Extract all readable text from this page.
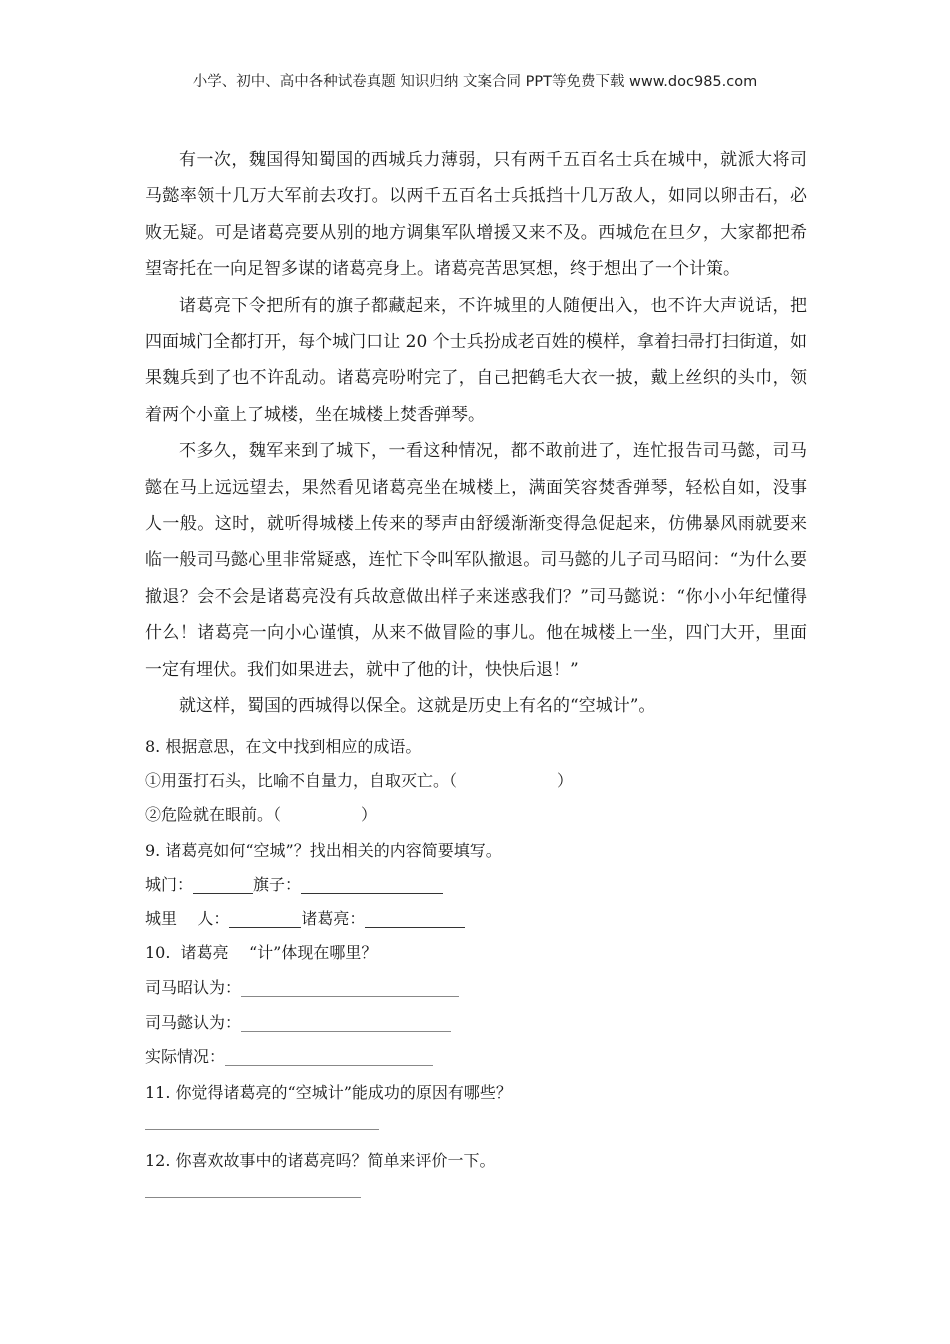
小学、初中、高中各种试卷真题 知识归纳 文案合同 PPT等免费下载 www.doc985.com

有一次，魏国得知蜀国的西城兵力薄弱，只有两千五百名士兵在城中，就派大将司马懿率领十几万大军前去攻打。以两千五百名士兵抵挡十几万敌人，如同以卵击石，必败无疑。可是诸葛亮要从别的地方调集军队增援又来不及。西城危在旦夕，大家都把希望寄托在一向足智多谋的诸葛亮身上。诸葛亮苦思冥想，终于想出了一个计策。

诸葛亮下令把所有的旗子都藏起来，不许城里的人随便出入，也不许大声说话，把四面城门全都打开，每个城门口让 20 个士兵扮成老百姓的模样，拿着扫帚打扫街道，如果魏兵到了也不许乱动。诸葛亮吩咐完了，自己把鹤毛大衣一披，戴上丝织的头巾，领着两个小童上了城楼，坐在城楼上焚香弹琴。

不多久，魏军来到了城下，一看这种情况，都不敢前进了，连忙报告司马懿，司马懿在马上远远望去，果然看见诸葛亮坐在城楼上，满面笑容焚香弹琴，轻松自如，没事人一般。这时，就听得城楼上传来的琴声由舒缓渐渐变得急促起来，仿佛暴风雨就要来临一般司马懿心里非常疑惑，连忙下令叫军队撤退。司马懿的儿子司马昭问：“为什么要撤退？会不会是诸葛亮没有兵故意做出样子来迷惑我们？”司马懿说：“你小小年纪懂得什么！诸葛亮一向小心谨慎，从来不做冒险的事儿。他在城楼上一坐，四门大开，里面一定有埋伏。我们如果进去，就中了他的计，快快后退！”

就这样，蜀国的西城得以保全。这就是历史上有名的“空城计”。

8. 根据意思，在文中找到相应的成语。
①用蛋打石头，比喻不自量力，自取灭亡。（	）
②危险就在眼前。（	）
9. 诸葛亮如何“空城”？找出相关的内容简要填写。
城门：	旗子：
城里    人：	诸葛亮：
10.  诸葛亮    “计”体现在哪里？
司马昭认为：
司马懿认为：
实际情况：
11. 你觉得诸葛亮的“空城计”能成功的原因有哪些？
12. 你喜欢故事中的诸葛亮吗？简单来评价一下。
